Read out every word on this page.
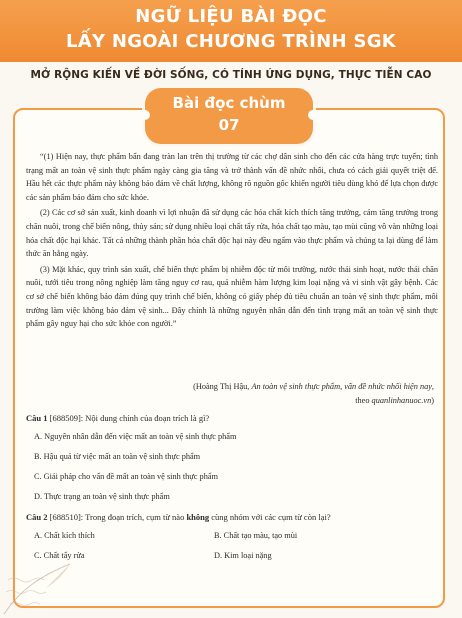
NGỮ LIỆU BÀI ĐỌC
LẤY NGOÀI CHƯƠNG TRÌNH SGK
MỞ RỘNG KIẾN VỀ ĐỜI SỐNG, CÓ TÍNH ỨNG DỤNG, THỰC TIỄN CAO
Bài đọc chùm
07

“(1) Hiện nay, thực phẩm bẩn đang tràn lan trên thị trường từ các chợ dân sinh cho đến các cửa hàng trực tuyến; tình trạng mất an toàn vệ sinh thực phẩm ngày càng gia tăng và trở thành vấn đề nhức nhối, chưa có cách giải quyết triệt để. Hầu hết các thực phẩm này không bảo đảm về chất lượng, không rõ nguồn gốc khiến người tiêu dùng khó để lựa chọn được các sản phẩm bảo đảm cho sức khỏe.

(2) Các cơ sở sản xuất, kinh doanh vì lợi nhuận đã sử dụng các hóa chất kích thích tăng trưởng, cám tăng trưởng trong chăn nuôi, trong chế biến nông, thủy sản; sử dụng nhiều loại chất tẩy rửa, hóa chất tạo màu, tạo mùi cũng vô vàn những loại hóa chất độc hại khác. Tất cả những thành phần hóa chất độc hại này đều ngấm vào thực phẩm và chúng ta lại dùng để làm thức ăn hằng ngày.

(3) Mặt khác, quy trình sản xuất, chế biến thực phẩm bị nhiễm độc từ môi trường, nước thải sinh hoạt, nước thải chăn nuôi, tưới tiêu trong nông nghiệp làm tăng nguy cơ rau, quả nhiễm hàm lượng kim loại nặng và vi sinh vật gây bệnh. Các cơ sở chế biến không bảo đảm đúng quy trình chế biến, không có giấy phép đủ tiêu chuẩn an toàn vệ sinh thực phẩm, môi trường làm việc không bảo đảm vệ sinh... Đây chính là những nguyên nhân dẫn đến tình trạng mất an toàn vệ sinh thực phẩm gây nguy hại cho sức khỏe con người.”

(Hoàng Thị Hậu, An toàn vệ sinh thực phẩm, vấn đề nhức nhối hiện nay,
theo quanlinhanuoc.vn)
Câu 1 [688509]: Nội dung chính của đoạn trích là gì?
A. Nguyên nhân dẫn đến việc mất an toàn vệ sinh thực phẩm
B. Hậu quả từ việc mất an toàn vệ sinh thực phẩm
C. Giải pháp cho vấn đề mất an toàn vệ sinh thực phẩm
D. Thực trạng an toàn vệ sinh thực phẩm
Câu 2 [688510]: Trong đoạn trích, cụm từ nào không cùng nhóm với các cụm từ còn lại?
A. Chất kích thích	B. Chất tạo màu, tạo mùi
C. Chất tẩy rửa	D. Kim loại nặng
